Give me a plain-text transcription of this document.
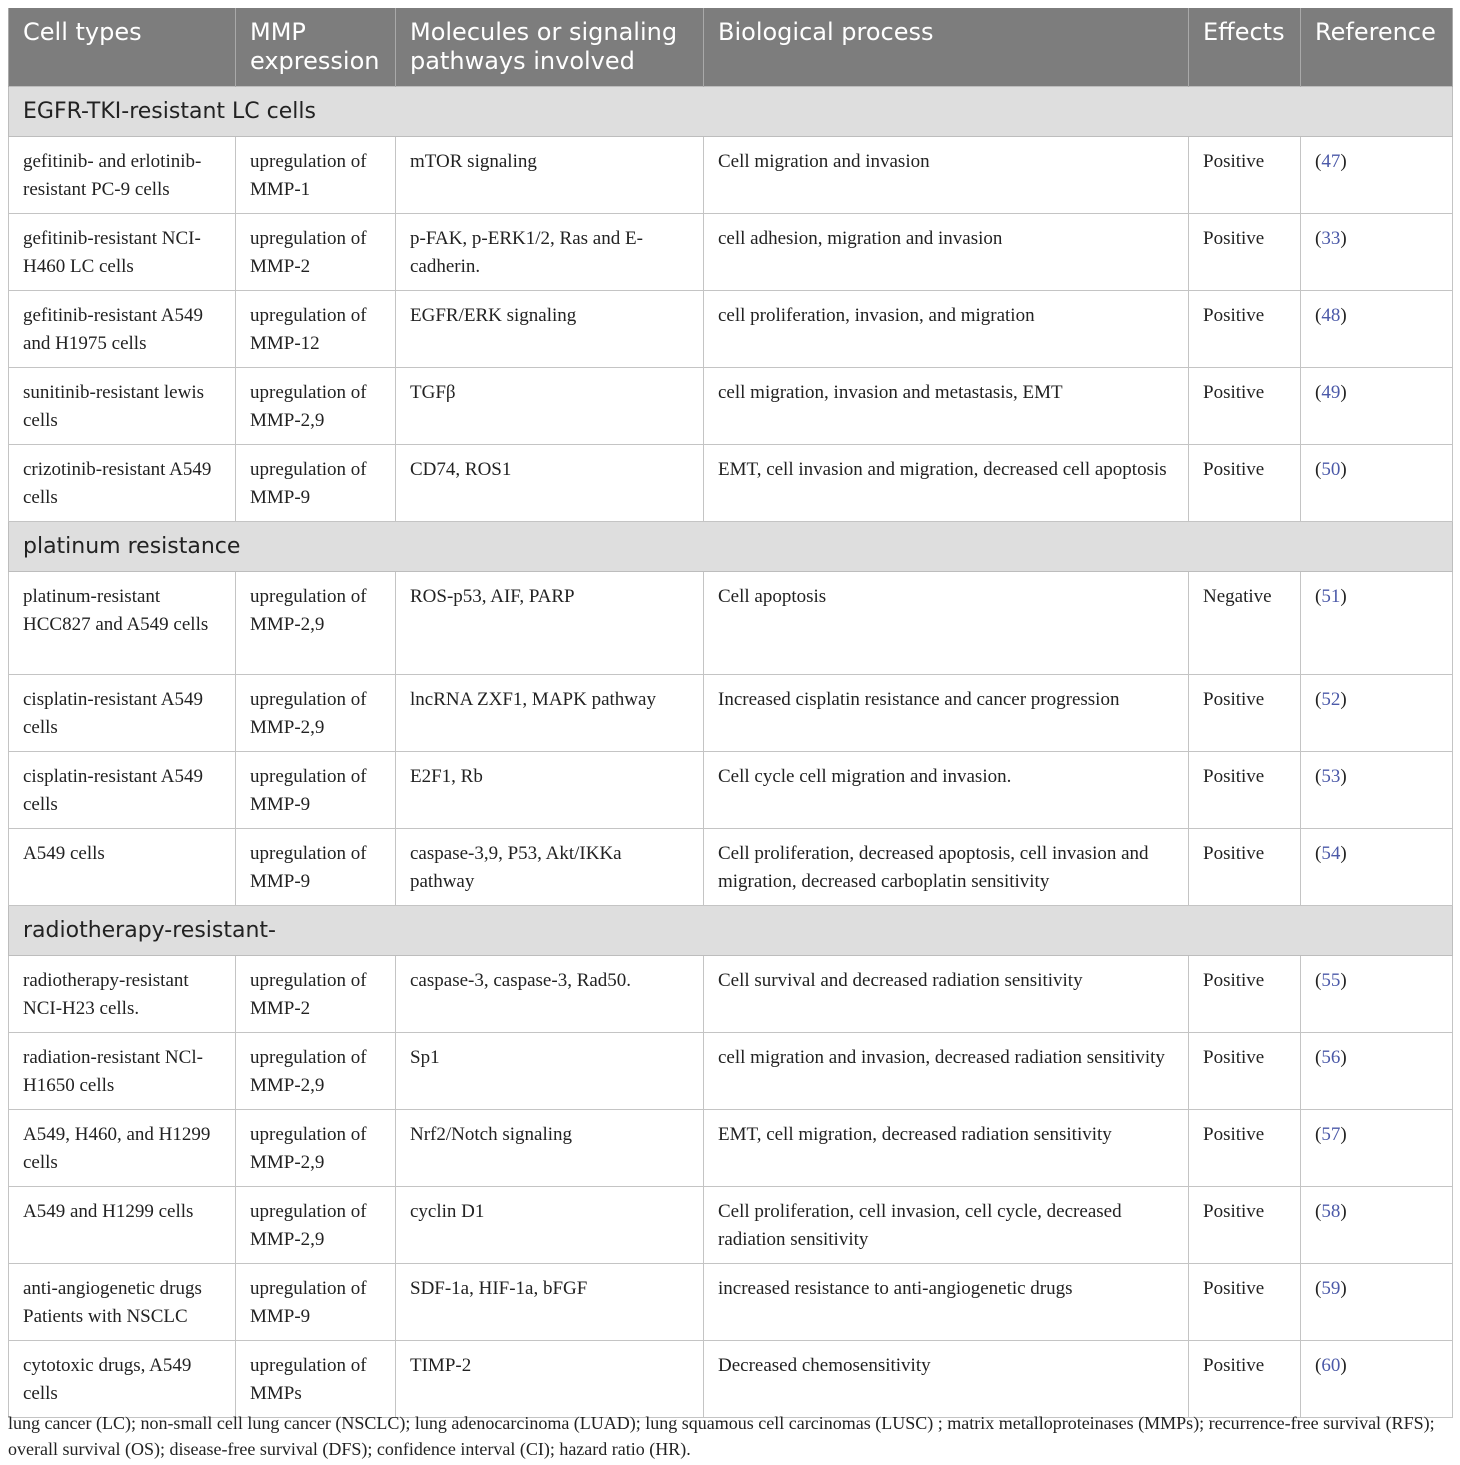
Cell types	MMP expression	Molecules or signaling pathways involved	Biological process	Effects	Reference
EGFR-TKI-resistant LC cells					
gefitinib- and erlotinib-resistant PC-9 cells	upregulation of MMP-1	mTOR signaling	Cell migration and invasion	Positive	(47)
gefitinib-resistant NCI-H460 LC cells	upregulation of MMP-2	p-FAK, p-ERK1/2, Ras and E-cadherin.	cell adhesion, migration and invasion	Positive	(33)
gefitinib-resistant A549 and H1975 cells	upregulation of MMP-12	EGFR/ERK signaling	cell proliferation, invasion, and migration	Positive	(48)
sunitinib-resistant lewis cells	upregulation of MMP-2,9	TGFβ	cell migration, invasion and metastasis, EMT	Positive	(49)
crizotinib-resistant A549 cells	upregulation of MMP-9	CD74, ROS1	EMT, cell invasion and migration, decreased cell apoptosis	Positive	(50)
platinum resistance					
platinum-resistant HCC827 and A549 cells	upregulation of MMP-2,9	ROS-p53, AIF, PARP	Cell apoptosis	Negative	(51)
cisplatin-resistant A549 cells	upregulation of MMP-2,9	lncRNA ZXF1, MAPK pathway	Increased cisplatin resistance and cancer progression	Positive	(52)
cisplatin-resistant A549 cells	upregulation of MMP-9	E2F1, Rb	Cell cycle cell migration and invasion.	Positive	(53)
A549 cells	upregulation of MMP-9	caspase-3,9, P53, Akt/IKKa pathway	Cell proliferation, decreased apoptosis, cell invasion and migration, decreased carboplatin sensitivity	Positive	(54)
radiotherapy-resistant-					
radiotherapy-resistant NCI-H23 cells.	upregulation of MMP-2	caspase-3, caspase-3, Rad50.	Cell survival and decreased radiation sensitivity	Positive	(55)
radiation-resistant NCl-H1650 cells	upregulation of MMP-2,9	Sp1	cell migration and invasion, decreased radiation sensitivity	Positive	(56)
A549, H460, and H1299 cells	upregulation of MMP-2,9	Nrf2/Notch signaling	EMT, cell migration, decreased radiation sensitivity	Positive	(57)
A549 and H1299 cells	upregulation of MMP-2,9	cyclin D1	Cell proliferation, cell invasion, cell cycle, decreased radiation sensitivity	Positive	(58)
anti-angiogenetic drugs Patients with NSCLC	upregulation of MMP-9	SDF-1a, HIF-1a, bFGF	increased resistance to anti-angiogenetic drugs	Positive	(59)
cytotoxic drugs, A549 cells	upregulation of MMPs	TIMP-2	Decreased chemosensitivity	Positive	(60)
lung cancer (LC); non-small cell lung cancer (NSCLC); lung adenocarcinoma (LUAD); lung squamous cell carcinomas (LUSC) ; matrix metalloproteinases (MMPs); recurrence-free survival (RFS); overall survival (OS); disease-free survival (DFS); confidence interval (CI); hazard ratio (HR).
